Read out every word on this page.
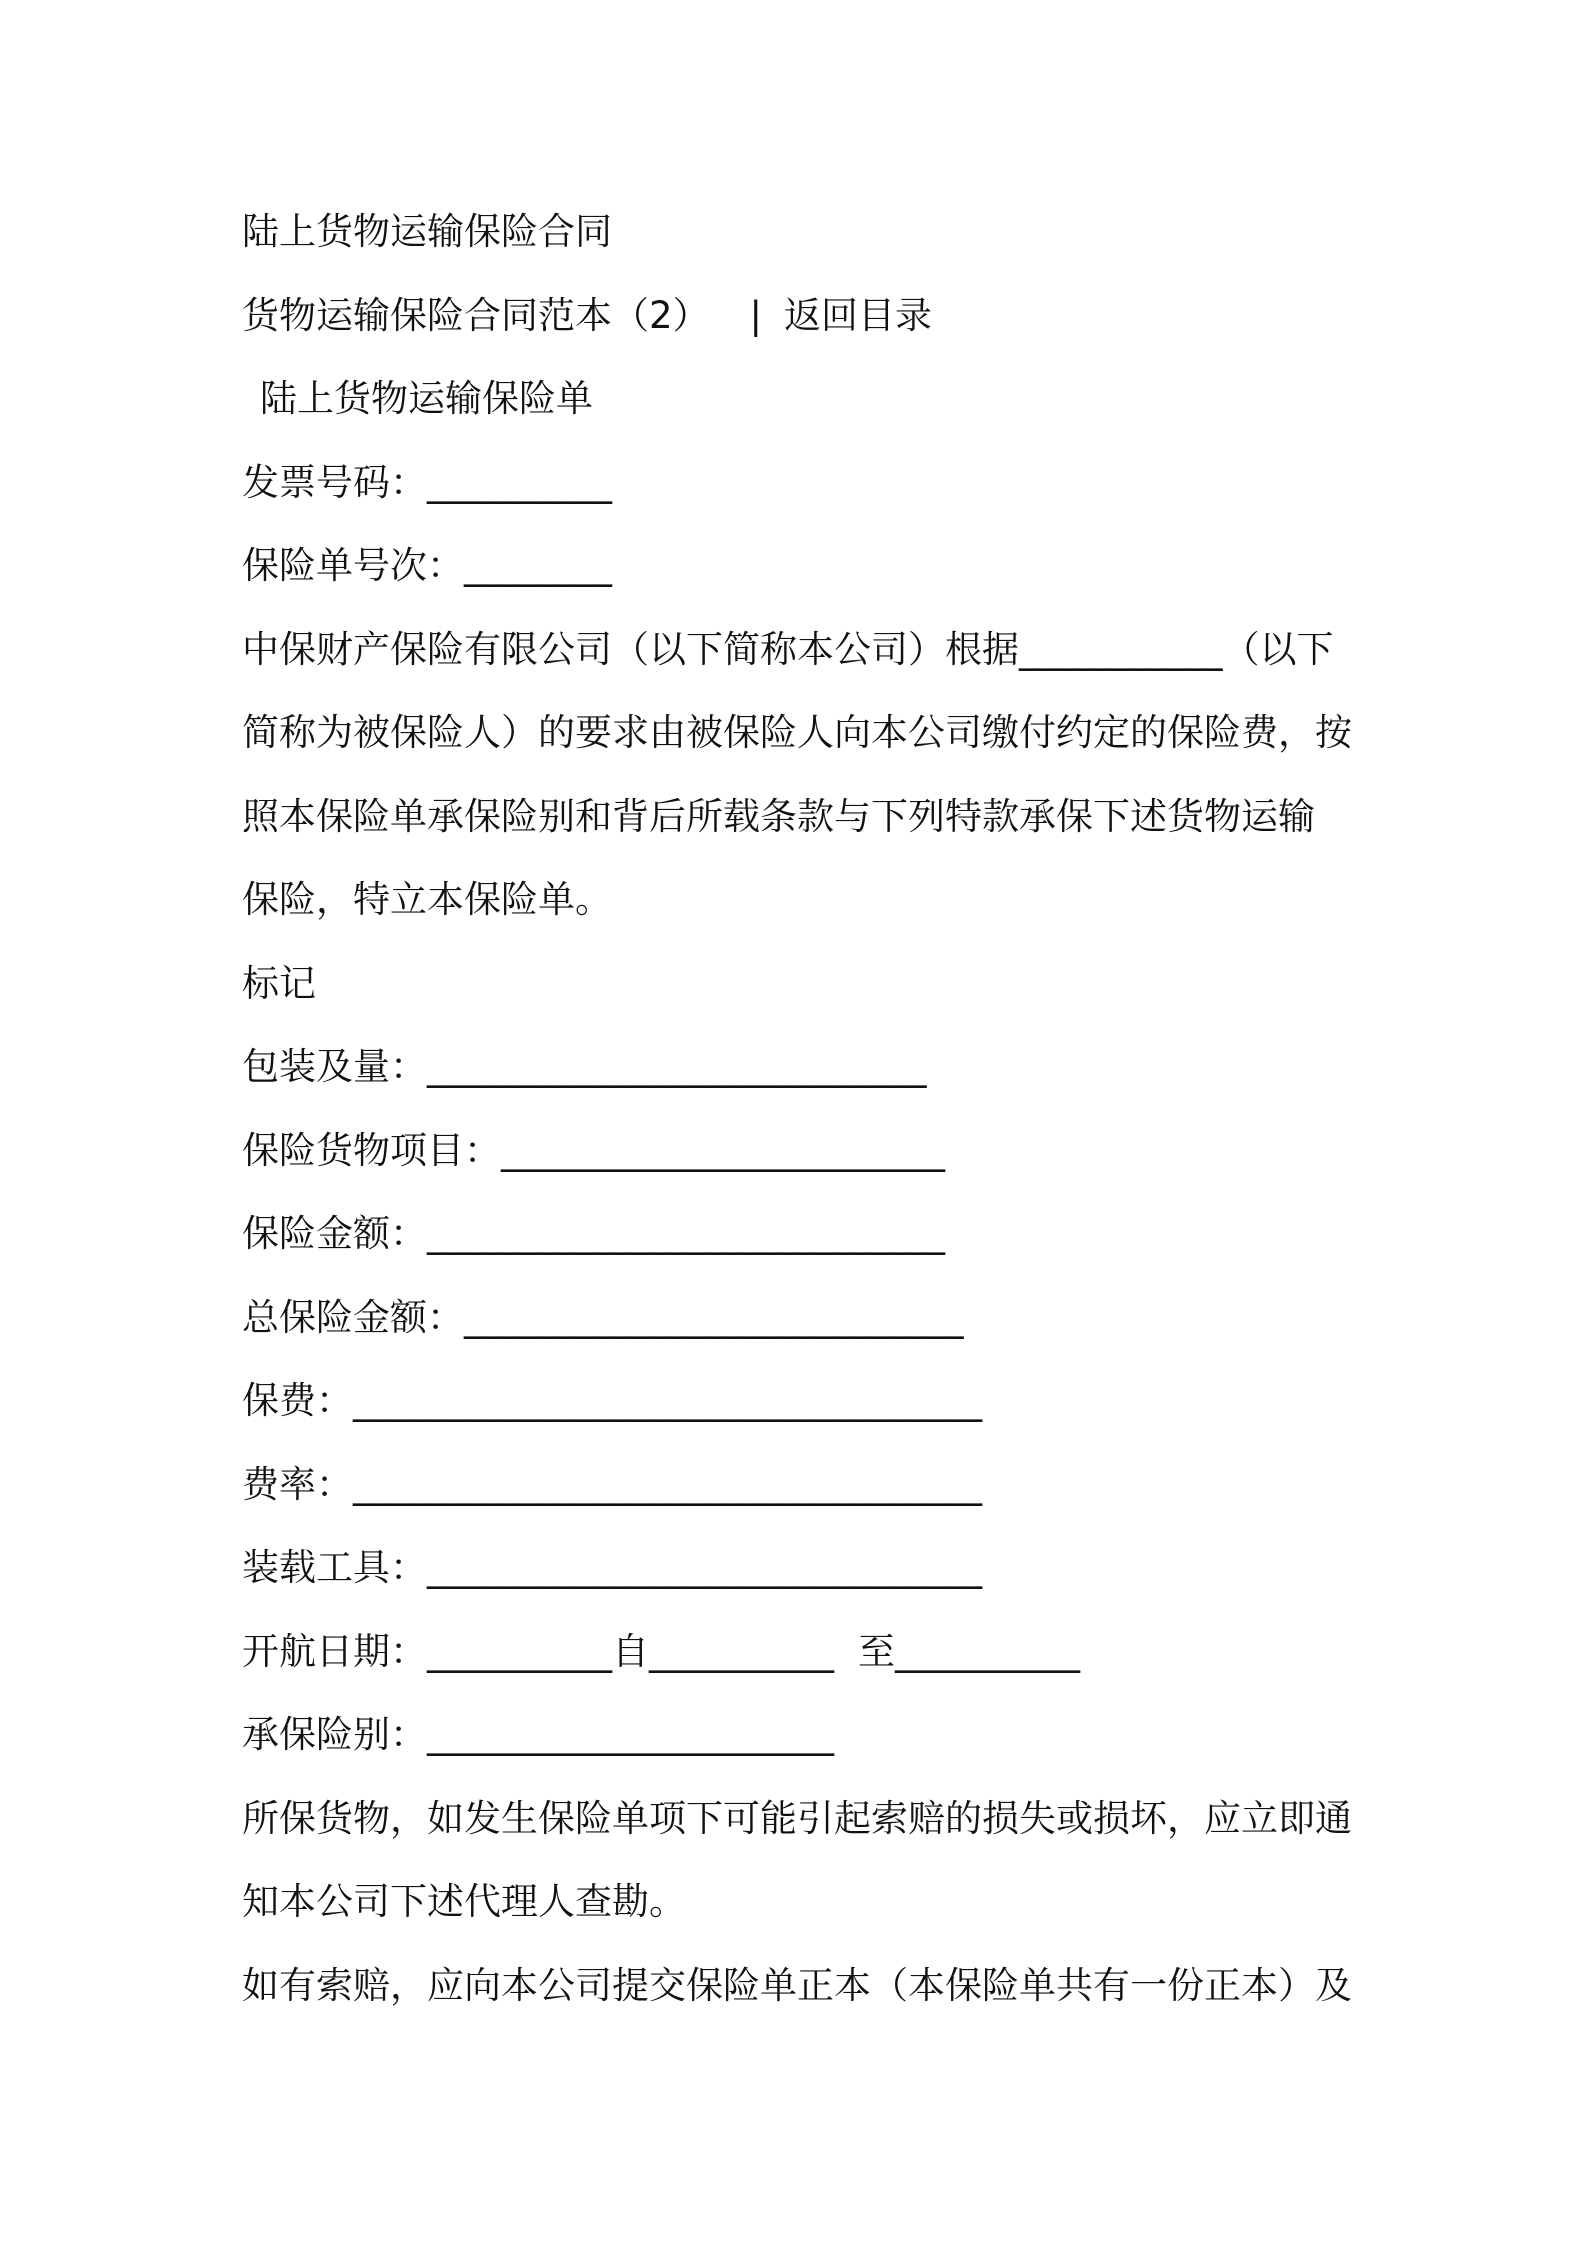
陆上货物运输保险合同
货物运输保险合同范本（2） | 返回目录
陆上货物运输保险单
发票号码：__________
保险单号次：________
中保财产保险有限公司（以下简称本公司）根据___________（以下
简称为被保险人）的要求由被保险人向本公司缴付约定的保险费，按
照本保险单承保险别和背后所载条款与下列特款承保下述货物运输
保险，特立本保险单。
标记
包装及量：___________________________
保险货物项目：________________________
保险金额：____________________________
总保险金额：___________________________
保费：__________________________________
费率：__________________________________
装载工具：______________________________
开航日期：__________自__________ 至__________
承保险别：______________________
所保货物，如发生保险单项下可能引起索赔的损失或损坏，应立即通
知本公司下述代理人查勘。
如有索赔，应向本公司提交保险单正本（本保险单共有一份正本）及
